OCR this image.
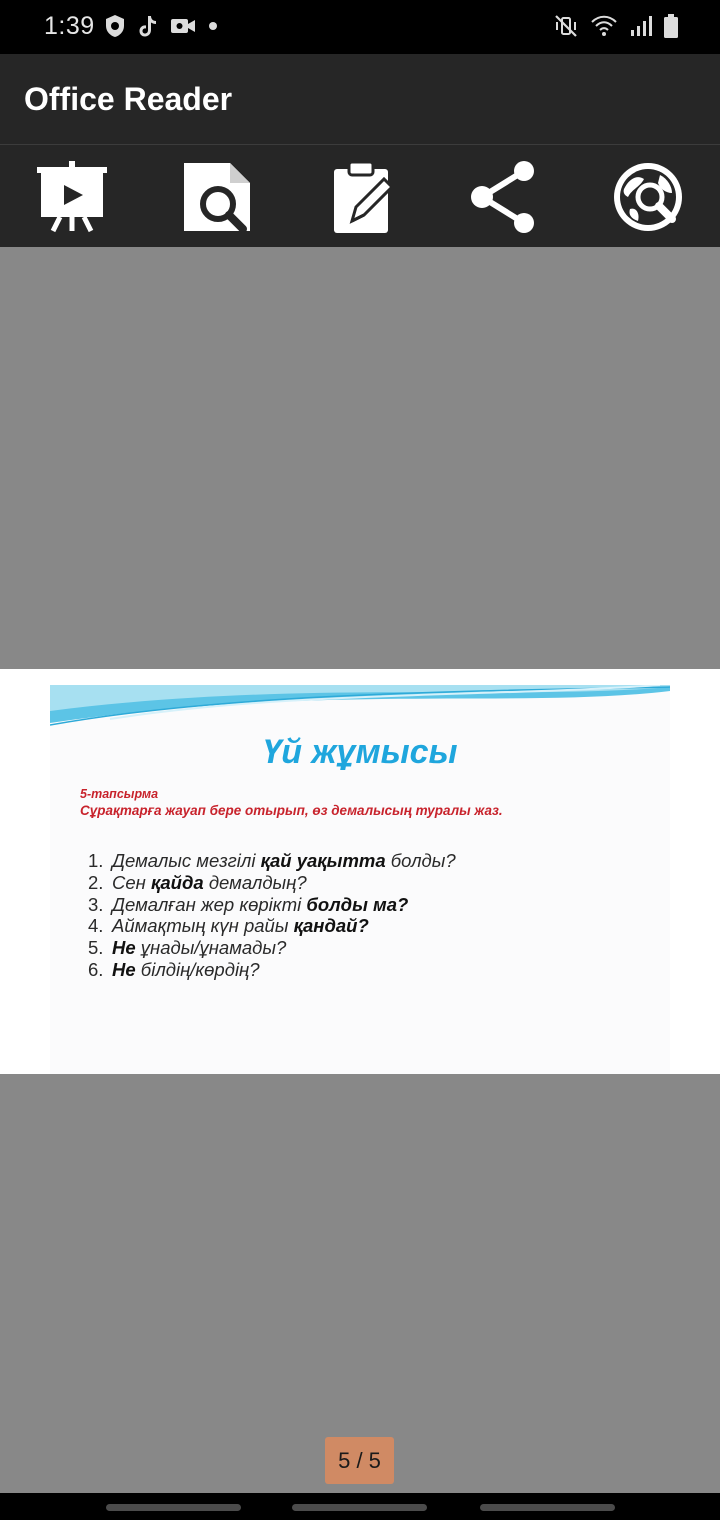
1:39
Office Reader
Үй жұмысы
5-тапсырма
Сұрақтарға жауап бере отырып, өз демалысың туралы жаз.
1. Демалыс мезгілі қай уақытта болды?
2. Сен қайда демалдың?
3. Демалған жер көрікті болды ма?
4. Аймақтың күн райы қандай?
5. Не ұнады/ұнамады?
6. Не білдің/көрдің?
5 / 5
